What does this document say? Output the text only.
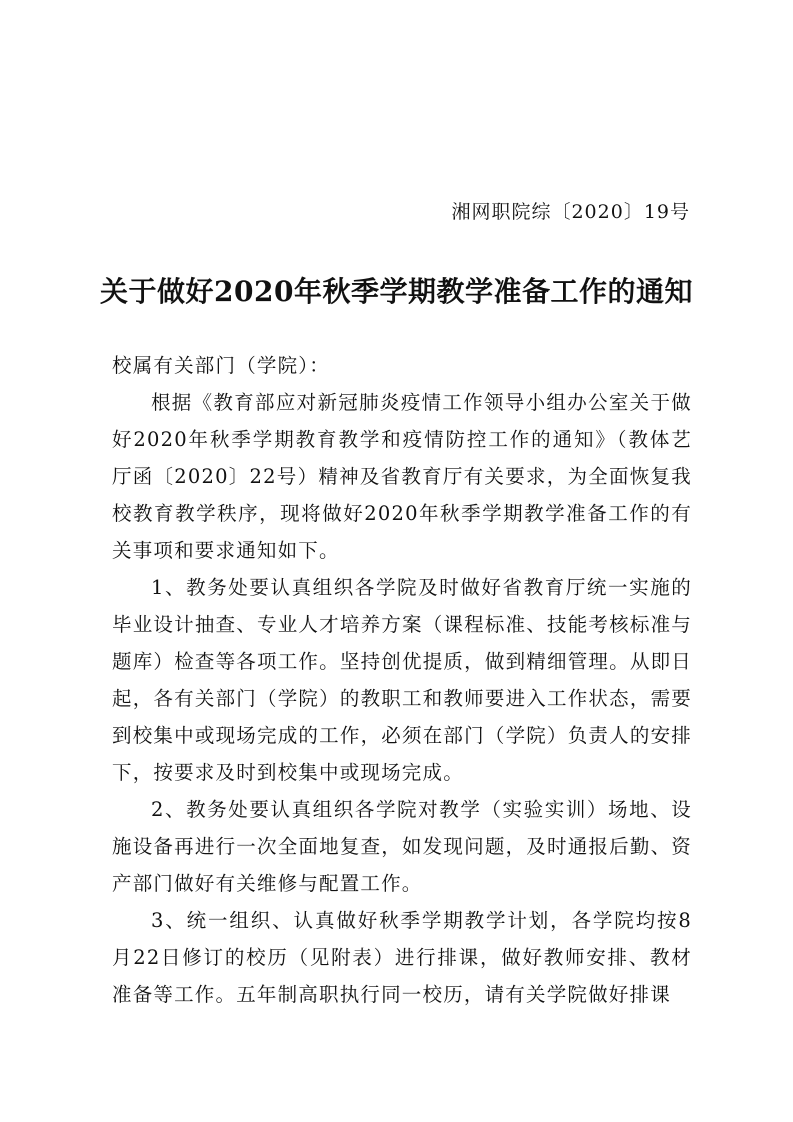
湘网职院综〔2020〕19号
关于做好2020年秋季学期教学准备工作的通知

校属有关部门（学院）：

根据《教育部应对新冠肺炎疫情工作领导小组办公室关于做好2020年秋季学期教育教学和疫情防控工作的通知》（教体艺厅函〔2020〕22号）精神及省教育厅有关要求，为全面恢复我校教育教学秩序，现将做好2020年秋季学期教学准备工作的有关事项和要求通知如下。

1、教务处要认真组织各学院及时做好省教育厅统一实施的毕业设计抽查、专业人才培养方案（课程标准、技能考核标准与题库）检查等各项工作。坚持创优提质，做到精细管理。从即日起，各有关部门（学院）的教职工和教师要进入工作状态，需要到校集中或现场完成的工作，必须在部门（学院）负责人的安排下，按要求及时到校集中或现场完成。

2、教务处要认真组织各学院对教学（实验实训）场地、设施设备再进行一次全面地复查，如发现问题，及时通报后勤、资产部门做好有关维修与配置工作。

3、统一组织、认真做好秋季学期教学计划，各学院均按8月22日修订的校历（见附表）进行排课，做好教师安排、教材准备等工作。五年制高职执行同一校历，请有关学院做好排课
